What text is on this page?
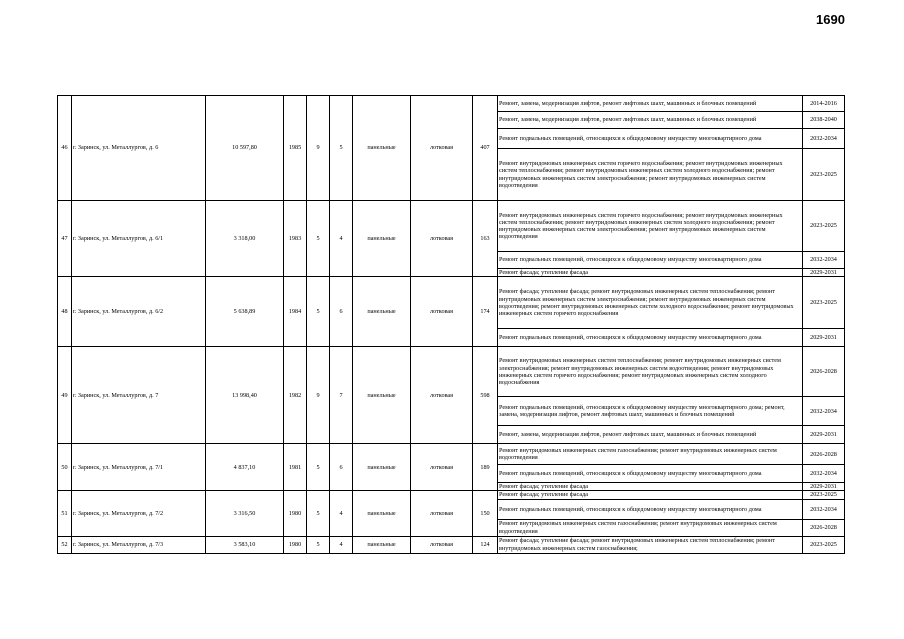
1690
46	г. Заринск, ул. Металлургов, д. 6	10 597,80	1985	9	5	панельные	лотковая	407	Ремонт, замена, модернизация лифтов, ремонт лифтовых шахт, машинных и блочных помещений	2014-2016
									Ремонт, замена, модернизация лифтов, ремонт лифтовых шахт, машинных и блочных помещений	2038-2040
									Ремонт подвальных помещений, относящихся к общедомовому имуществу многоквартирного дома	2032-2034
									Ремонт внутридомовых инженерных систем горячего водоснабжения; ремонт внутридомовых инженерных систем теплоснабжения; ремонт внутридомовых инженерных систем холодного водоснабжения; ремонт внутридомовых инженерных систем электроснабжения; ремонт внутридомовых инженерных систем водоотведения	2023-2025
47	г. Заринск, ул. Металлургов, д. 6/1	3 318,00	1983	5	4	панельные	лотковая	163	Ремонт внутридомовых инженерных систем горячего водоснабжения; ремонт внутридомовых инженерных систем теплоснабжения; ремонт внутридомовых инженерных систем холодного водоснабжения; ремонт внутридомовых инженерных систем электроснабжения; ремонт внутридомовых инженерных систем водоотведения	2023-2025
									Ремонт подвальных помещений, относящихся к общедомовому имуществу многоквартирного дома	2032-2034
									Ремонт фасада; утепление фасада	2029-2031
48	г. Заринск, ул. Металлургов, д. 6/2	5 638,89	1984	5	6	панельные	лотковая	174	Ремонт фасада; утепление фасада; ремонт внутридомовых инженерных систем теплоснабжения; ремонт внутридомовых инженерных систем электроснабжения; ремонт внутридомовых инженерных систем водоотведения; ремонт внутридомовых инженерных систем холодного водоснабжения; ремонт внутридомовых инженерных систем горячего водоснабжения	2023-2025
									Ремонт подвальных помещений, относящихся к общедомовому имуществу многоквартирного дома	2029-2031
49	г. Заринск, ул. Металлургов, д. 7	13 998,40	1982	9	7	панельные	лотковая	598	Ремонт внутридомовых инженерных систем теплоснабжения; ремонт внутридомовых инженерных систем электроснабжения; ремонт внутридомовых инженерных систем водоотведения; ремонт внутридомовых инженерных систем горячего водоснабжения; ремонт внутридомовых инженерных систем холодного водоснабжения	2026-2028
									Ремонт подвальных помещений, относящихся к общедомовому имуществу многоквартирного дома; ремонт, замена, модернизация лифтов, ремонт лифтовых шахт, машинных и блочных помещений	2032-2034
									Ремонт, замена, модернизация лифтов, ремонт лифтовых шахт, машинных и блочных помещений	2029-2031
50	г. Заринск, ул. Металлургов, д. 7/1	4 837,10	1981	5	6	панельные	лотковая	189	Ремонт внутридомовых инженерных систем газоснабжения; ремонт внутридомовых инженерных систем водоотведения	2026-2028
									Ремонт подвальных помещений, относящихся к общедомовому имуществу многоквартирного дома	2032-2034
									Ремонт фасада; утепление фасада	2029-2031
51	г. Заринск, ул. Металлургов, д. 7/2	3 316,50	1980	5	4	панельные	лотковая	150	Ремонт фасада; утепление фасада	2023-2025
									Ремонт подвальных помещений, относящихся к общедомовому имуществу многоквартирного дома	2032-2034
									Ремонт внутридомовых инженерных систем газоснабжения; ремонт внутридомовых инженерных систем водоотведения	2026-2028
52	г. Заринск, ул. Металлургов, д. 7/3	3 583,10	1980	5	4	панельные	лотковая	124	Ремонт фасада; утепление фасада; ремонт внутридомовых инженерных систем теплоснабжения; ремонт внутридомовых инженерных систем газоснабжения;	2023-2025
